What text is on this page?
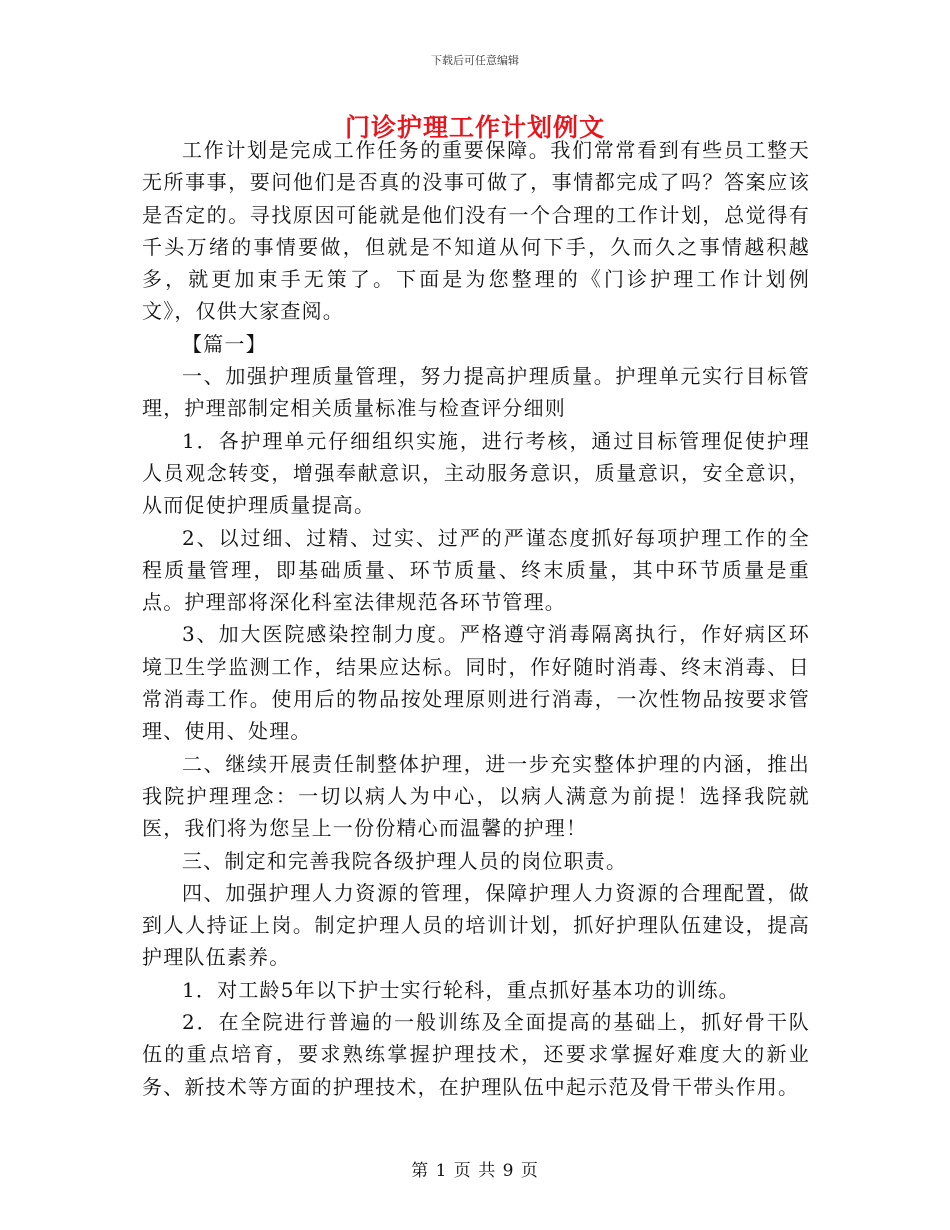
下载后可任意编辑
门诊护理工作计划例文

工作计划是完成工作任务的重要保障。我们常常看到有些员工整天无所事事，要问他们是否真的没事可做了，事情都完成了吗？答案应该是否定的。寻找原因可能就是他们没有一个合理的工作计划，总觉得有千头万绪的事情要做，但就是不知道从何下手，久而久之事情越积越多，就更加束手无策了。下面是为您整理的《门诊护理工作计划例文》，仅供大家查阅。

【篇一】

一、加强护理质量管理，努力提高护理质量。护理单元实行目标管理，护理部制定相关质量标准与检查评分细则

1．各护理单元仔细组织实施，进行考核，通过目标管理促使护理人员观念转变，增强奉献意识，主动服务意识，质量意识，安全意识，从而促使护理质量提高。

2、以过细、过精、过实、过严的严谨态度抓好每项护理工作的全程质量管理，即基础质量、环节质量、终末质量，其中环节质量是重点。护理部将深化科室法律规范各环节管理。

3、加大医院感染控制力度。严格遵守消毒隔离执行，作好病区环境卫生学监测工作，结果应达标。同时，作好随时消毒、终末消毒、日常消毒工作。使用后的物品按处理原则进行消毒，一次性物品按要求管理、使用、处理。

二、继续开展责任制整体护理，进一步充实整体护理的内涵，推出我院护理理念：一切以病人为中心，以病人满意为前提！选择我院就医，我们将为您呈上一份份精心而温馨的护理！

三、制定和完善我院各级护理人员的岗位职责。

四、加强护理人力资源的管理，保障护理人力资源的合理配置，做到人人持证上岗。制定护理人员的培训计划，抓好护理队伍建设，提高护理队伍素养。

1．对工龄5年以下护士实行轮科，重点抓好基本功的训练。

2．在全院进行普遍的一般训练及全面提高的基础上，抓好骨干队伍的重点培育，要求熟练掌握护理技术，还要求掌握好难度大的新业务、新技术等方面的护理技术，在护理队伍中起示范及骨干带头作用。

第 1 页 共 9 页
